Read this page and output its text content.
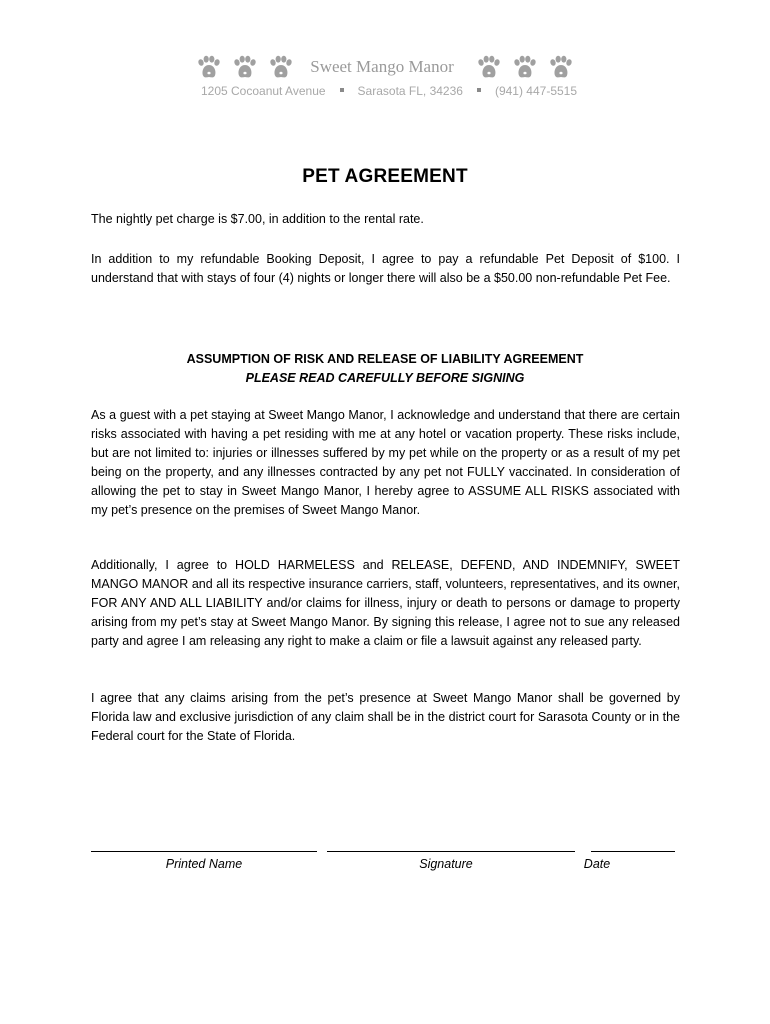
Sweet Mango Manor
1205 Cocoanut Avenue	Sarasota FL, 34236	(941) 447-5515
PET AGREEMENT

The nightly pet charge is $7.00, in addition to the rental rate.

In addition to my refundable Booking Deposit, I agree to pay a refundable Pet Deposit of $100. I understand that with stays of four (4) nights or longer there will also be a $50.00 non-refundable Pet Fee.

ASSUMPTION OF RISK AND RELEASE OF LIABILITY AGREEMENT
PLEASE READ CAREFULLY BEFORE SIGNING

As a guest with a pet staying at Sweet Mango Manor, I acknowledge and understand that there are certain risks associated with having a pet residing with me at any hotel or vacation property. These risks include, but are not limited to: injuries or illnesses suffered by my pet while on the property or as a result of my pet being on the property, and any illnesses contracted by any pet not FULLY vaccinated. In consideration of allowing the pet to stay in Sweet Mango Manor, I hereby agree to ASSUME ALL RISKS associated with my pet’s presence on the premises of Sweet Mango Manor.

Additionally, I agree to HOLD HARMELESS and RELEASE, DEFEND, AND INDEMNIFY, SWEET MANGO MANOR and all its respective insurance carriers, staff, volunteers, representatives, and its owner, FOR ANY AND ALL LIABILITY and/or claims for illness, injury or death to persons or damage to property arising from my pet’s stay at Sweet Mango Manor. By signing this release, I agree not to sue any released party and agree I am releasing any right to make a claim or file a lawsuit against any released party.

I agree that any claims arising from the pet’s presence at Sweet Mango Manor shall be governed by Florida law and exclusive jurisdiction of any claim shall be in the district court for Sarasota County or in the Federal court for the State of Florida.

Printed Name	Signature	Date
